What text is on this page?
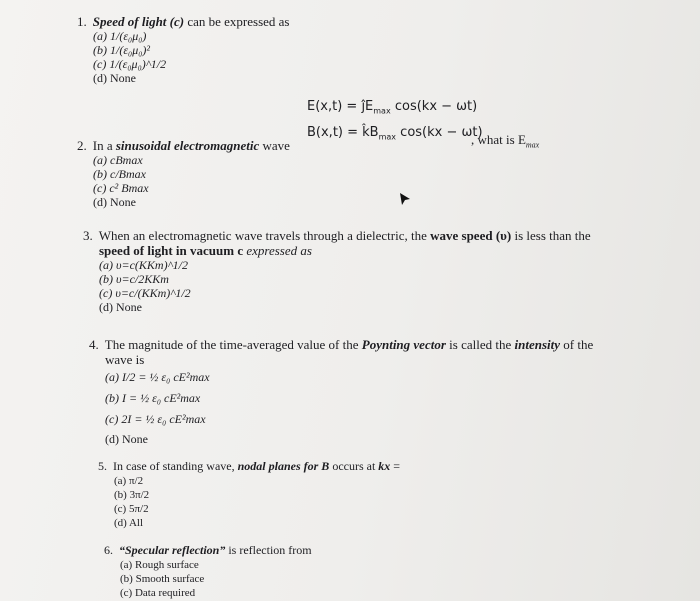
1. Speed of light (c) can be expressed as
(a) 1/(ε₀μ₀)
(b) 1/(ε₀μ₀)²
(c) 1/(ε₀μ₀)^1/2
(d) None
$E(x,t) = ĵE_{max}$ cos(kx − ωt)
$B(x,t) = k̂B_{max}$ cos(kx − ωt)
, what is $E_{max}$
2. In a sinusoidal electromagnetic wave
(a) cBmax
(b) c/Bmax
(c) c² Bmax
(d) None
3. When an electromagnetic wave travels through a dielectric, the wave speed (υ) is less than the
speed of light in vacuum c expressed as
(a) υ=c(KKm)^1/2
(b) υ=c/2KKm
(c) υ=c/(KKm)^1/2
(d) None
4. The magnitude of the time-averaged value of the Poynting vector is called the intensity of the
wave is
(a) I/2 = ½ ε₀ cE²max
(b) I = ½ ε₀ cE²max
(c) 2I = ½ ε₀ cE²max
(d) None
5. In case of standing wave, nodal planes for B occurs at kx =
(a) π/2
(b) 3π/2
(c) 5π/2
(d) All
6. “Specular reflection” is reflection from
(a) Rough surface
(b) Smooth surface
(c) Data required
